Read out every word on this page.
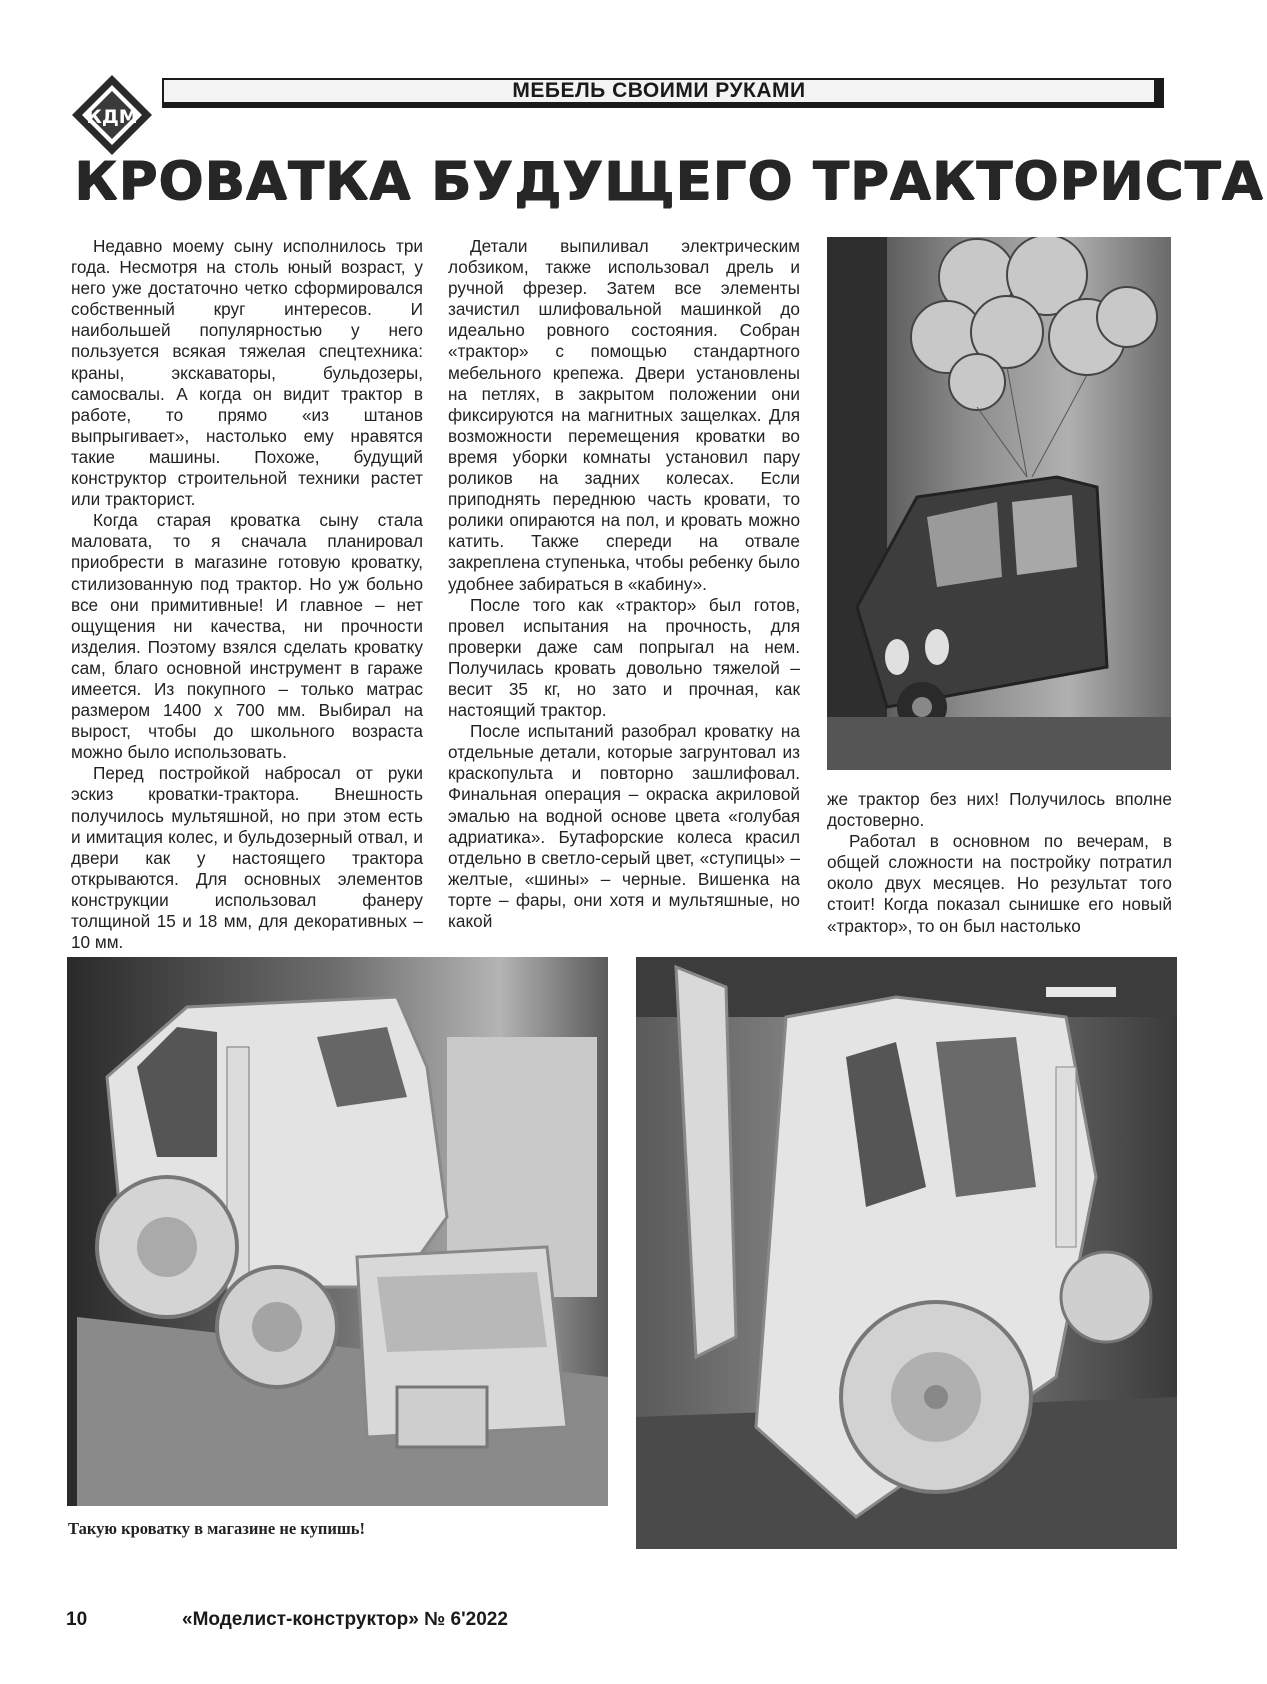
КДМ
МЕБЕЛЬ СВОИМИ РУКАМИ
КРОВАТКА БУДУЩЕГО ТРАКТОРИСТА

Недавно моему сыну исполнилось три года. Несмотря на столь юный возраст, у него уже достаточно четко сформировался собственный круг интересов. И наибольшей популярностью у него пользуется всякая тяжелая спецтехника: краны, экскаваторы, бульдозеры, самосвалы. А когда он видит трактор в работе, то прямо «из штанов выпрыгивает», настолько ему нравятся такие машины. Похоже, будущий конструктор строительной техники растет или тракторист.

Когда старая кроватка сыну стала маловата, то я сначала планировал приобрести в магазине готовую кроватку, стилизованную под трактор. Но уж больно все они примитивные! И главное – нет ощущения ни качества, ни прочности изделия. Поэтому взялся сделать кроватку сам, благо основной инструмент в гараже имеется. Из покупного – только матрас размером 1400 х 700 мм. Выбирал на вырост, чтобы до школьного возраста можно было использовать.

Перед постройкой набросал от руки эскиз кроватки-трактора. Внешность получилось мультяшной, но при этом есть и имитация колес, и бульдозерный отвал, и двери как у настоящего трактора открываются. Для основных элементов конструкции использовал фанеру толщиной 15 и 18 мм, для декоративных – 10 мм.

Детали выпиливал электрическим лобзиком, также использовал дрель и ручной фрезер. Затем все элементы зачистил шлифовальной машинкой до идеально ровного состояния. Собран «трактор» с помощью стандартного мебельного крепежа. Двери установлены на петлях, в закрытом положении они фиксируются на магнитных защелках. Для возможности перемещения кроватки во время уборки комнаты установил пару роликов на задних колесах. Если приподнять переднюю часть кровати, то ролики опираются на пол, и кровать можно катить. Также спереди на отвале закреплена ступенька, чтобы ребенку было удобнее забираться в «кабину».

После того как «трактор» был готов, провел испытания на прочность, для проверки даже сам попрыгал на нем. Получилась кровать довольно тяжелой – весит 35 кг, но зато и прочная, как настоящий трактор.

После испытаний разобрал кроватку на отдельные детали, которые загрунтовал из краскопульта и повторно зашлифовал. Финальная операция – окраска акриловой эмалью на водной основе цвета «голубая адриатика». Бутафорские колеса красил отдельно в светло-серый цвет, «ступицы» – желтые, «шины» – черные. Вишенка на торте – фары, они хотя и мультяшные, но какой

же трактор без них! Получилось вполне достоверно.

Работал в основном по вечерам, в общей сложности на постройку потратил около двух месяцев. Но результат того стоит! Когда показал сынишке его новый «трактор», то он был настолько

Такую кроватку в магазине не купишь!
10	«Моделист-конструктор» № 6'2022
